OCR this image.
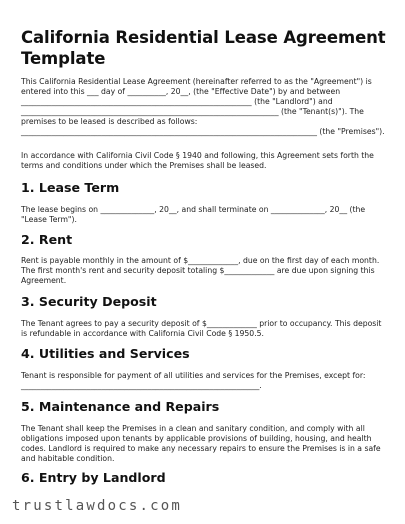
California Residential Lease Agreement Template

This California Residential Lease Agreement (hereinafter referred to as the "Agreement") is entered into this ___ day of __________, 20__, (the "Effective Date") by and between ____________________________________________________________ (the "Landlord") and ___________________________________________________________________ (the "Tenant(s)"). The premises to be leased is described as follows: _____________________________________________________________________________ (the "Premises").

In accordance with California Civil Code § 1940 and following, this Agreement sets forth the terms and conditions under which the Premises shall be leased.

1. Lease Term

The lease begins on ______________, 20__, and shall terminate on ______________, 20__ (the "Lease Term").

2. Rent

Rent is payable monthly in the amount of $_____________, due on the first day of each month. The first month's rent and security deposit totaling $_____________ are due upon signing this Agreement.

3. Security Deposit

The Tenant agrees to pay a security deposit of $_____________ prior to occupancy. This deposit is refundable in accordance with California Civil Code § 1950.5.

4. Utilities and Services

Tenant is responsible for payment of all utilities and services for the Premises, except for: ______________________________________________________________.

5. Maintenance and Repairs

The Tenant shall keep the Premises in a clean and sanitary condition, and comply with all obligations imposed upon tenants by applicable provisions of building, housing, and health codes. Landlord is required to make any necessary repairs to ensure the Premises is in a safe and habitable condition.

6. Entry by Landlord
trustlawdocs.com
